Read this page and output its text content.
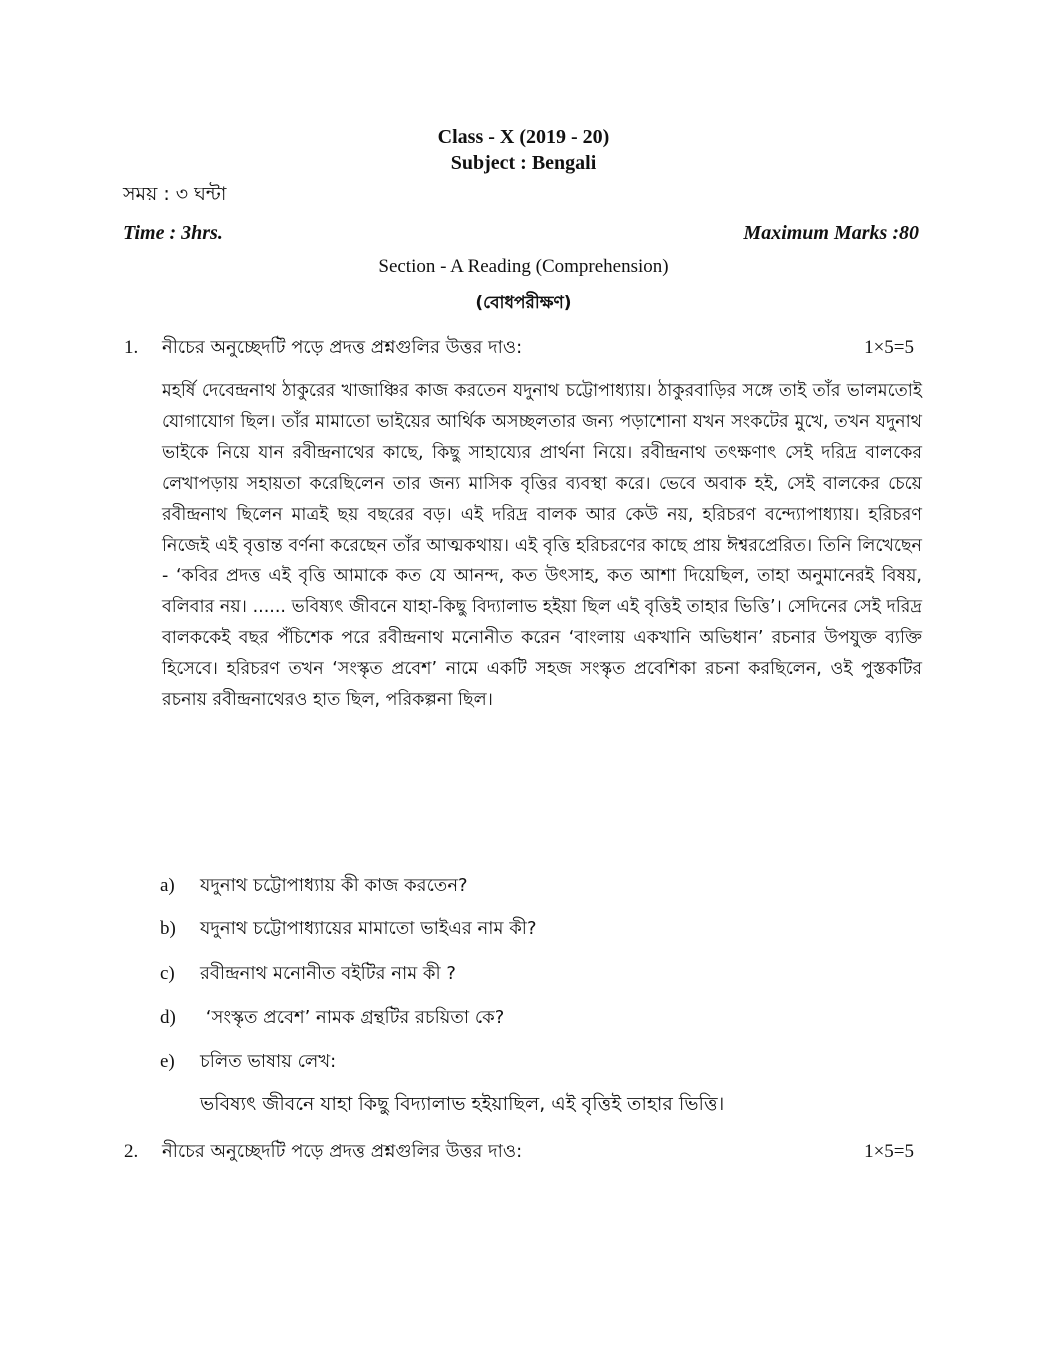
Class - X (2019 - 20)
Subject : Bengali
সময় : ৩ ঘন্টা
Time : 3hrs.	Maximum Marks :80
Section - A Reading (Comprehension)
(বোধপরীক্ষণ)
1. নীচের অনুচ্ছেদটি পড়ে প্রদত্ত প্রশ্নগুলির উত্তর দাও:	1×5=5
মহর্ষি দেবেন্দ্রনাথ ঠাকুরের খাজাঞ্চির কাজ করতেন যদুনাথ চট্টোপাধ্যায়। ঠাকুরবাড়ির সঙ্গে তাই তাঁর ভালমতোই যোগাযোগ ছিল। তাঁর মামাতো ভাইয়ের আর্থিক অসচ্ছলতার জন্য পড়াশোনা যখন সংকটের মুখে, তখন যদুনাথ ভাইকে নিয়ে যান রবীন্দ্রনাথের কাছে, কিছু সাহায্যের প্রার্থনা নিয়ে। রবীন্দ্রনাথ তৎক্ষণাৎ সেই দরিদ্র বালকের লেখাপড়ায় সহায়তা করেছিলেন তার জন্য মাসিক বৃত্তির ব্যবস্থা করে। ভেবে অবাক হই, সেই বালকের চেয়ে রবীন্দ্রনাথ ছিলেন মাত্রই ছয় বছরের বড়। এই দরিদ্র বালক আর কেউ নয়, হরিচরণ বন্দ্যোপাধ্যায়। হরিচরণ নিজেই এই বৃত্তান্ত বর্ণনা করেছেন তাঁর আত্মকথায়। এই বৃত্তি হরিচরণের কাছে প্রায় ঈশ্বরপ্রেরিত। তিনি লিখেছেন - ‘কবির প্রদত্ত এই বৃত্তি আমাকে কত যে আনন্দ, কত উৎসাহ, কত আশা দিয়েছিল, তাহা অনুমানেরই বিষয়, বলিবার নয়। ...... ভবিষ্যৎ জীবনে যাহা-কিছু বিদ্যালাভ হইয়া ছিল এই বৃত্তিই তাহার ভিত্তি’। সেদিনের সেই দরিদ্র বালককেই বছর পঁচিশেক পরে রবীন্দ্রনাথ মনোনীত করেন ‘বাংলায় একখানি অভিধান’ রচনার উপযুক্ত ব্যক্তি হিসেবে। হরিচরণ তখন ‘সংস্কৃত প্রবেশ’ নামে একটি সহজ সংস্কৃত প্রবেশিকা রচনা করছিলেন, ওই পুস্তকটির রচনায় রবীন্দ্রনাথেরও হাত ছিল, পরিকল্পনা ছিল।
a) যদুনাথ চট্টোপাধ্যায় কী কাজ করতেন?
b) যদুনাথ চট্টোপাধ্যায়ের মামাতো ভাইএর নাম কী?
c) রবীন্দ্রনাথ মনোনীত বইটির নাম কী ?
d) ‘সংস্কৃত প্রবেশ’ নামক গ্রন্থটির রচয়িতা কে?
e) চলিত ভাষায় লেখ:
ভবিষ্যৎ জীবনে যাহা কিছু বিদ্যালাভ হইয়াছিল, এই বৃত্তিই তাহার ভিত্তি।
2. নীচের অনুচ্ছেদটি পড়ে প্রদত্ত প্রশ্নগুলির উত্তর দাও:	1×5=5
